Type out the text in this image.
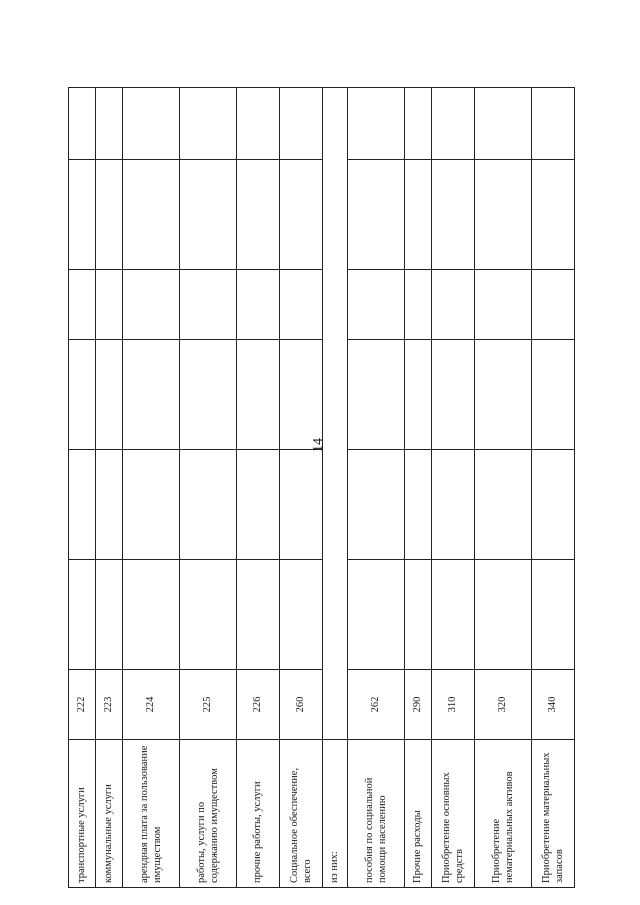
14
транспортные услуги	222						
коммунальные услуги	223						
арендная плата за пользование имуществом	224						
работы, услуги по содержанию имуществом	225						
прочие работы, услуги	226						
Социальное обеспечение, всего	260						
из них:							
пособия по социальной помощи населению	262						
Прочие расходы	290						
Приобретение основных средств	310						
Приобретение нематериальных активов	320						
Приобретение материальных запасов	340						
